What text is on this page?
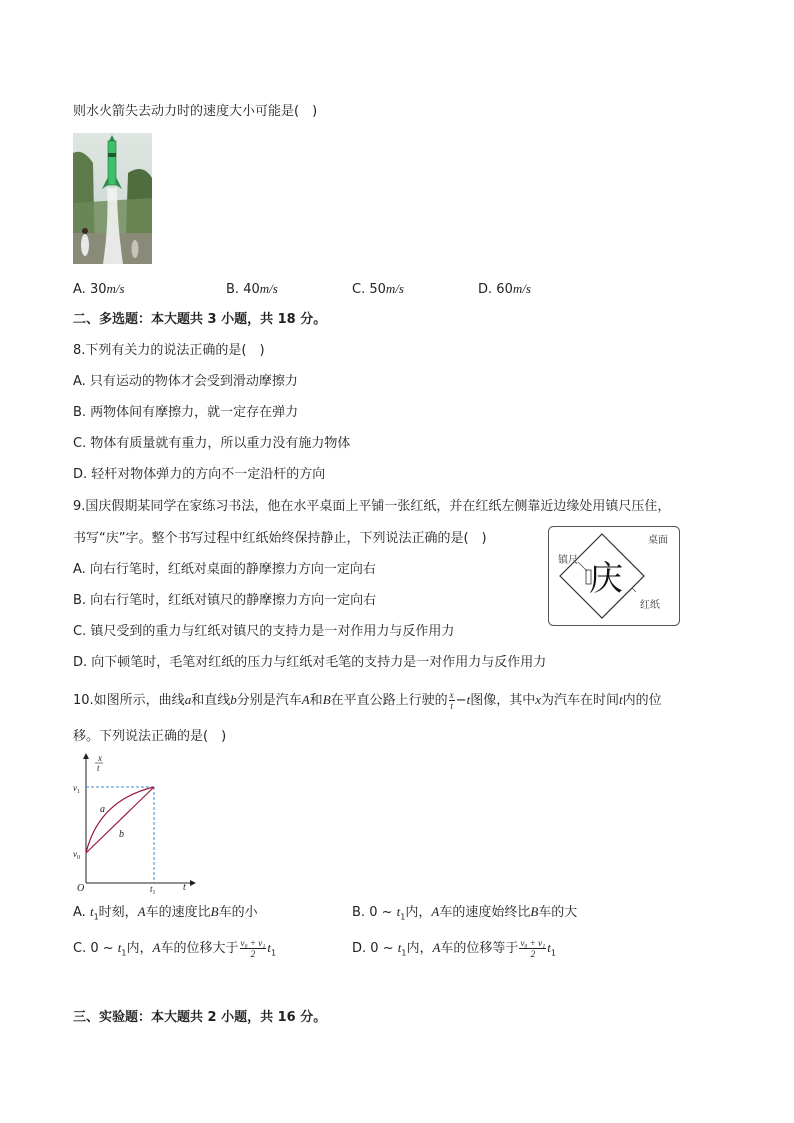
则水火箭失去动力时的速度大小可能是(　)
A. 30m/s	B. 40m/s	C. 50m/s	D. 60m/s
二、多选题：本大题共 3 小题，共 18 分。
8.下列有关力的说法正确的是(　)
A. 只有运动的物体才会受到滑动摩擦力
B. 两物体间有摩擦力，就一定存在弹力
C. 物体有质量就有重力，所以重力没有施力物体
D. 轻杆对物体弹力的方向不一定沿杆的方向
9.国庆假期某同学在家练习书法，他在水平桌面上平铺一张红纸，并在红纸左侧靠近边缘处用镇尺压住，
书写“庆”字。整个书写过程中红纸始终保持静止，下列说法正确的是(　)
A. 向右行笔时，红纸对桌面的静摩擦力方向一定向右
B. 向右行笔时，红纸对镇尺的静摩擦力方向一定向右
C. 镇尺受到的重力与红纸对镇尺的支持力是一对作用力与反作用力
D. 向下顿笔时，毛笔对红纸的压力与红纸对毛笔的支持力是一对作用力与反作用力
庆
桌面
镇尺
红纸
10.如图所示，曲线a和直线b分别是汽车A和B在平直公路上行驶的 $\frac{x}{t} -t$图像，其中x为汽车在时间t内的位
移。下列说法正确的是(　)
x
t
$v_1$
$v_0$
O	$t_1$	t
a
b
A. $t_1$时刻，A车的速度比B车的小	B. 0 ~ $t_1$内，A车的速度始终比B车的大
C. 0 ~ $t_1$内，A车的位移大于 $\frac{\text{v₀ + v₁}}{2} t_1$	D. 0 ~ $t_1$内，A车的位移等于 $\frac{\text{v₀ + v₁}}{2} t_1$
三、实验题：本大题共 2 小题，共 16 分。
